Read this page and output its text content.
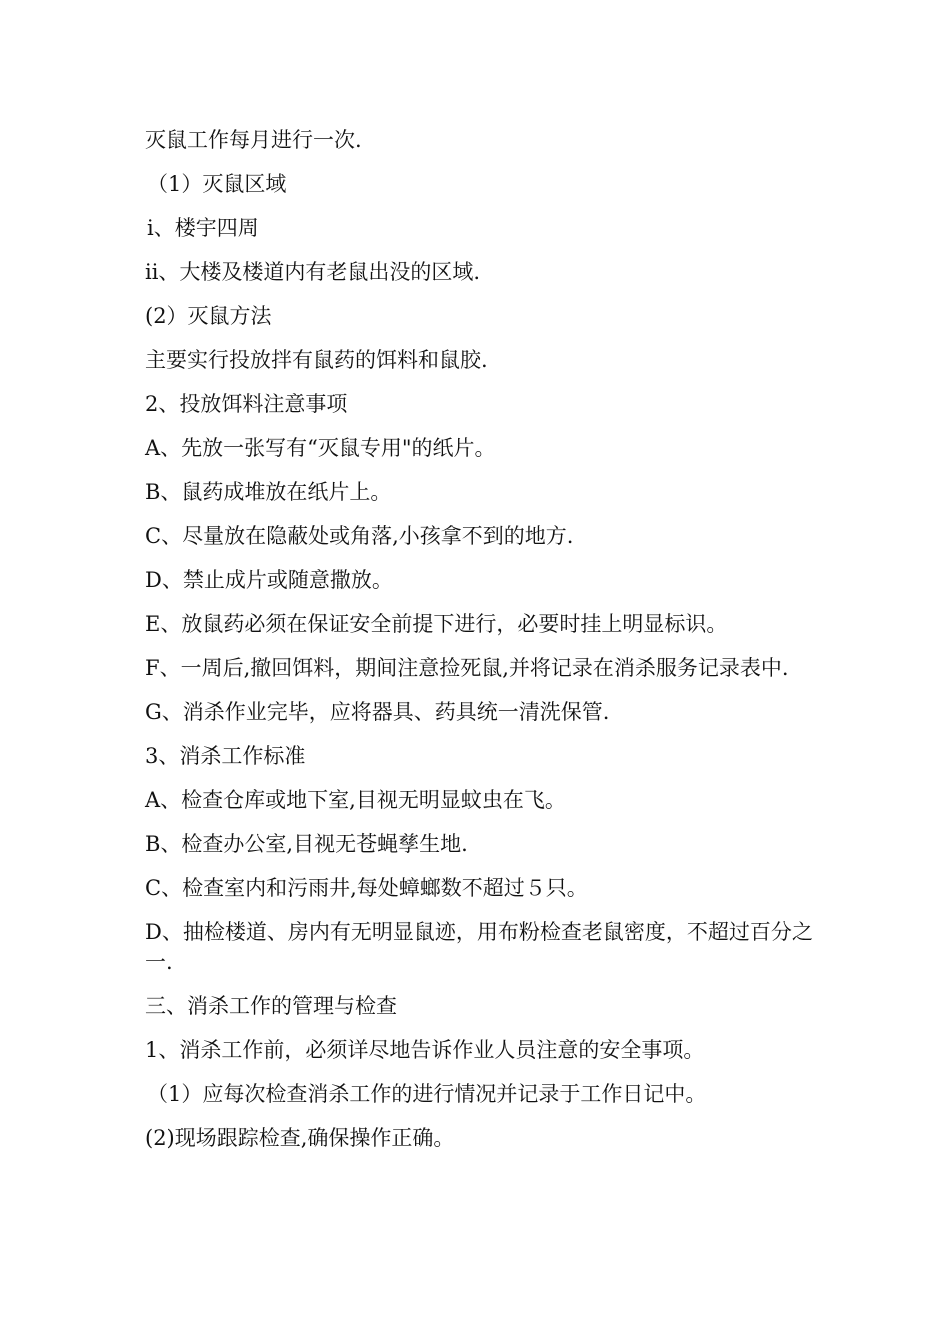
灭鼠工作每月进行一次.

（1）灭鼠区域

ⅰ、楼宇四周

ⅱ、大楼及楼道内有老鼠出没的区域.

(2）灭鼠方法

主要实行投放拌有鼠药的饵料和鼠胶.

2、投放饵料注意事项

A、先放一张写有“灭鼠专用"的纸片。

B、鼠药成堆放在纸片上。

C、尽量放在隐蔽处或角落,小孩拿不到的地方.

D、禁止成片或随意撒放。

E、放鼠药必须在保证安全前提下进行，必要时挂上明显标识。

F、一周后,撤回饵料，期间注意捡死鼠,并将记录在消杀服务记录表中.

G、消杀作业完毕，应将器具、药具统一清洗保管.

3、消杀工作标准

A、检查仓库或地下室,目视无明显蚊虫在飞。

B、检查办公室,目视无苍蝇孳生地.

C、检查室内和污雨井,每处蟑螂数不超过５只。

D、抽检楼道、房内有无明显鼠迹，用布粉检查老鼠密度，不超过百分之一.

三、消杀工作的管理与检查

1、消杀工作前，必须详尽地告诉作业人员注意的安全事项。

（1）应每次检查消杀工作的进行情况并记录于工作日记中。

(2)现场跟踪检查,确保操作正确。
